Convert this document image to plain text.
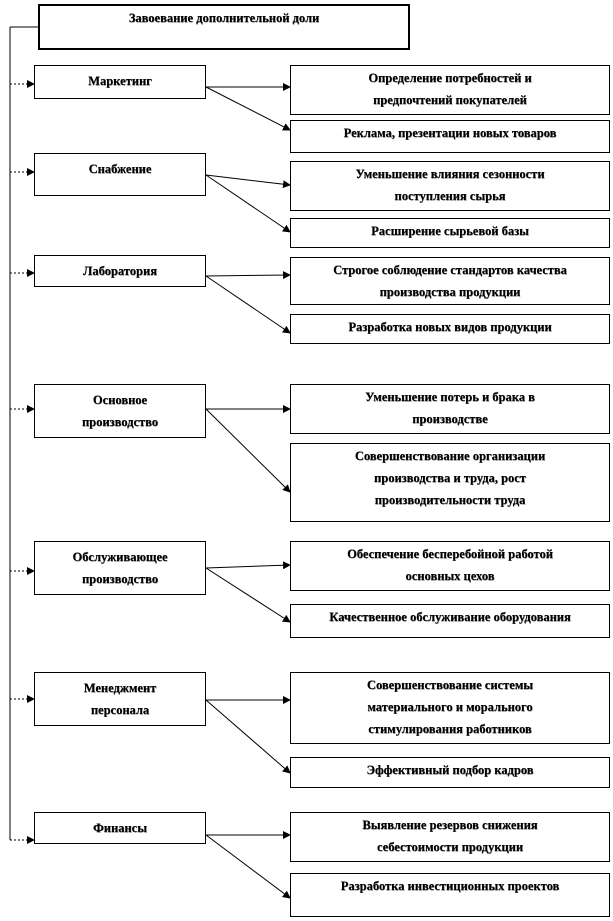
Завоевание дополнительной доли
Маркетинг	Определение потребностей и
предпочтений покупателей
Реклама, презентации новых товаров
Снабжение	Уменьшение влияния сезонности
поступления сырья
Расширение сырьевой базы
Лаборатория	Строгое соблюдение стандартов качества
производства продукции
Разработка новых видов продукции
Основное
производство
Уменьшение потерь и брака в
производстве
Совершенствование организации
производства и труда, рост
производительности труда
Обслуживающее
производство
Обеспечение бесперебойной работой
основных цехов
Качественное обслуживание оборудования
Менеджмент
персонала
Совершенствование системы
материального и морального
стимулирования работников
Эффективный подбор кадров
Финансы	Выявление резервов снижения
себестоимости продукции
Разработка инвестиционных проектов
